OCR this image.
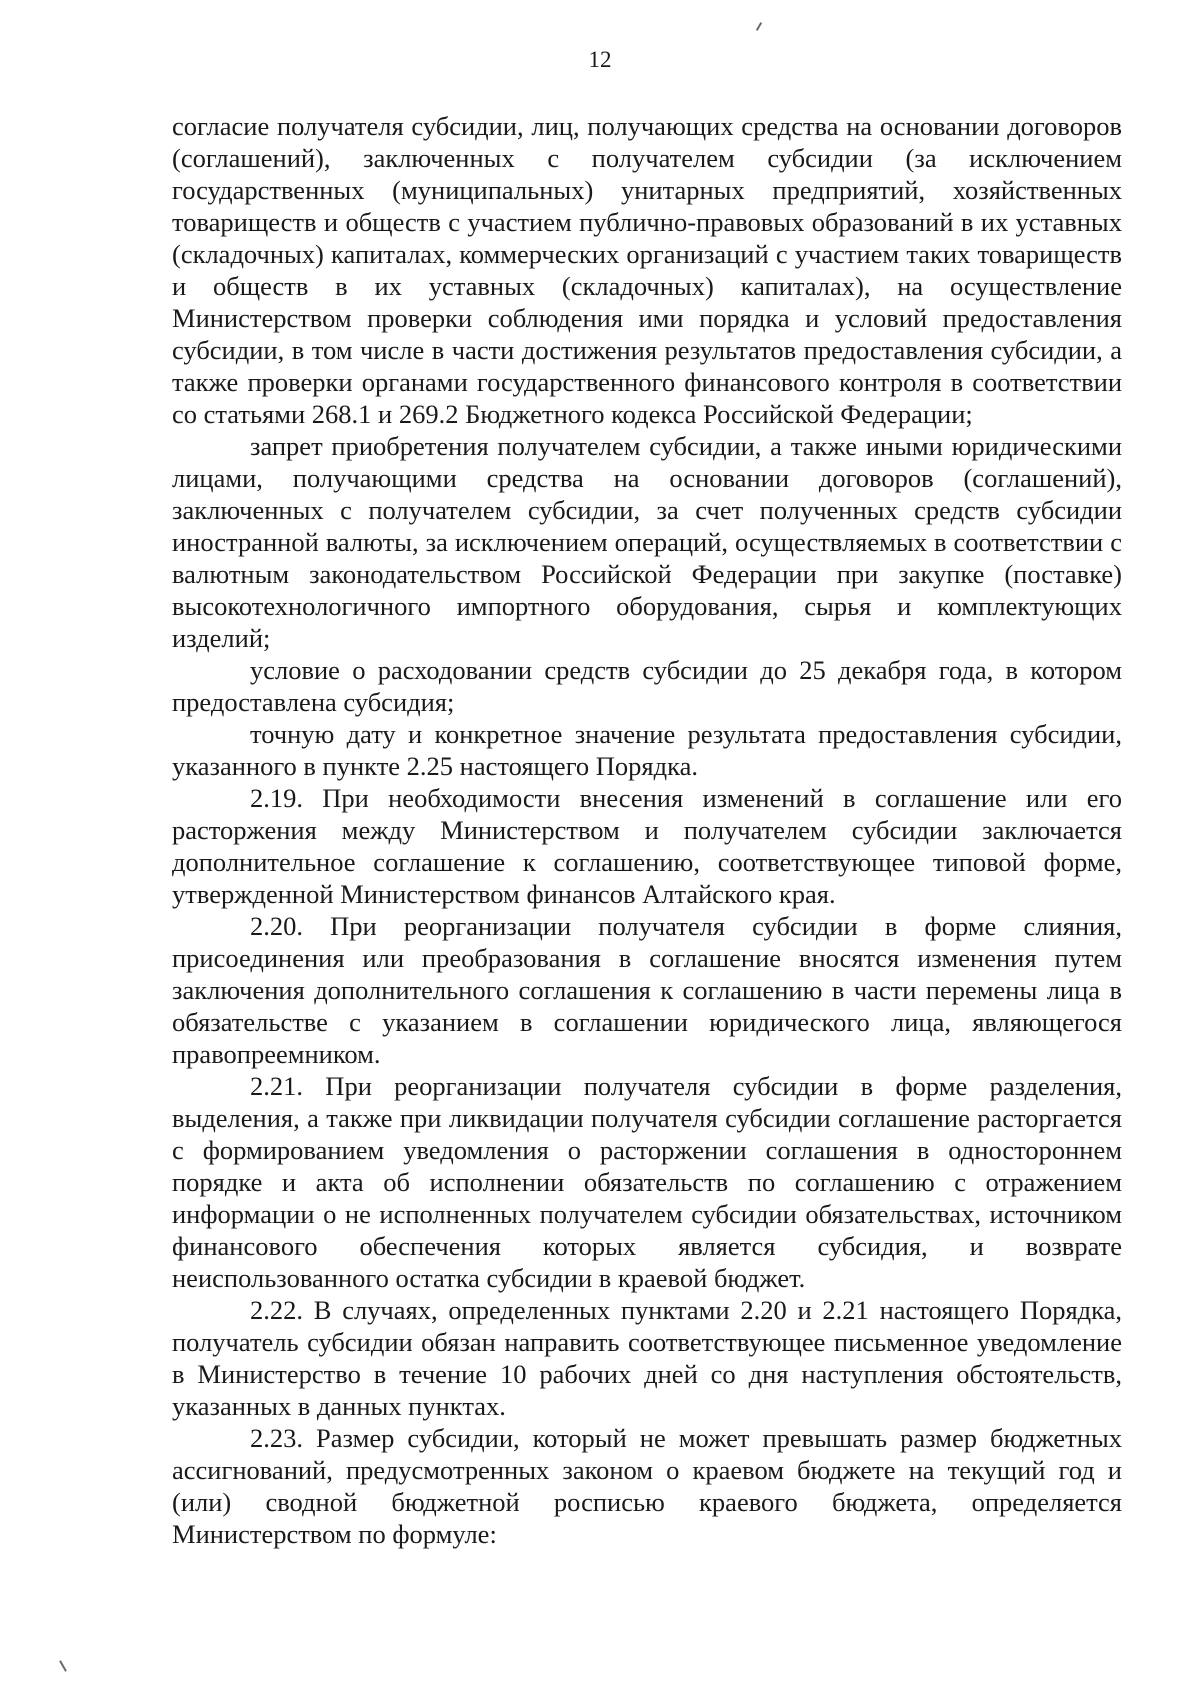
12

согласие получателя субсидии, лиц, получающих средства на основании договоров (соглашений), заключенных с получателем субсидии (за исключением государственных (муниципальных) унитарных предприятий, хозяйственных товариществ и обществ с участием публично-правовых образований в их уставных (складочных) капиталах, коммерческих организаций с участием таких товариществ и обществ в их уставных (складочных) капиталах), на осуществление Министерством проверки соблюдения ими порядка и условий предоставления субсидии, в том числе в части достижения результатов предоставления субсидии, а также проверки органами государственного финансового контроля в соответствии со статьями 268.1 и 269.2 Бюджетного кодекса Российской Федерации;

запрет приобретения получателем субсидии, а также иными юридическими лицами, получающими средства на основании договоров (соглашений), заключенных с получателем субсидии, за счет полученных средств субсидии иностранной валюты, за исключением операций, осуществляемых в соответствии с валютным законодательством Российской Федерации при закупке (поставке) высокотехнологичного импортного оборудования, сырья и комплектующих изделий;

условие о расходовании средств субсидии до 25 декабря года, в котором предоставлена субсидия;

точную дату и конкретное значение результата предоставления субсидии, указанного в пункте 2.25 настоящего Порядка.

2.19. При необходимости внесения изменений в соглашение или его расторжения между Министерством и получателем субсидии заключается дополнительное соглашение к соглашению, соответствующее типовой форме, утвержденной Министерством финансов Алтайского края.

2.20. При реорганизации получателя субсидии в форме слияния, присоединения или преобразования в соглашение вносятся изменения путем заключения дополнительного соглашения к соглашению в части перемены лица в обязательстве с указанием в соглашении юридического лица, являющегося правопреемником.

2.21. При реорганизации получателя субсидии в форме разделения, выделения, а также при ликвидации получателя субсидии соглашение расторгается с формированием уведомления о расторжении соглашения в одностороннем порядке и акта об исполнении обязательств по соглашению с отражением информации о не исполненных получателем субсидии обязательствах, источником финансового обеспечения которых является субсидия, и возврате неиспользованного остатка субсидии в краевой бюджет.

2.22. В случаях, определенных пунктами 2.20 и 2.21 настоящего Порядка, получатель субсидии обязан направить соответствующее письменное уведомление в Министерство в течение 10 рабочих дней со дня наступления обстоятельств, указанных в данных пунктах.

2.23. Размер субсидии, который не может превышать размер бюджетных ассигнований, предусмотренных законом о краевом бюджете на текущий год и (или) сводной бюджетной росписью краевого бюджета, определяется Министерством по формуле:
